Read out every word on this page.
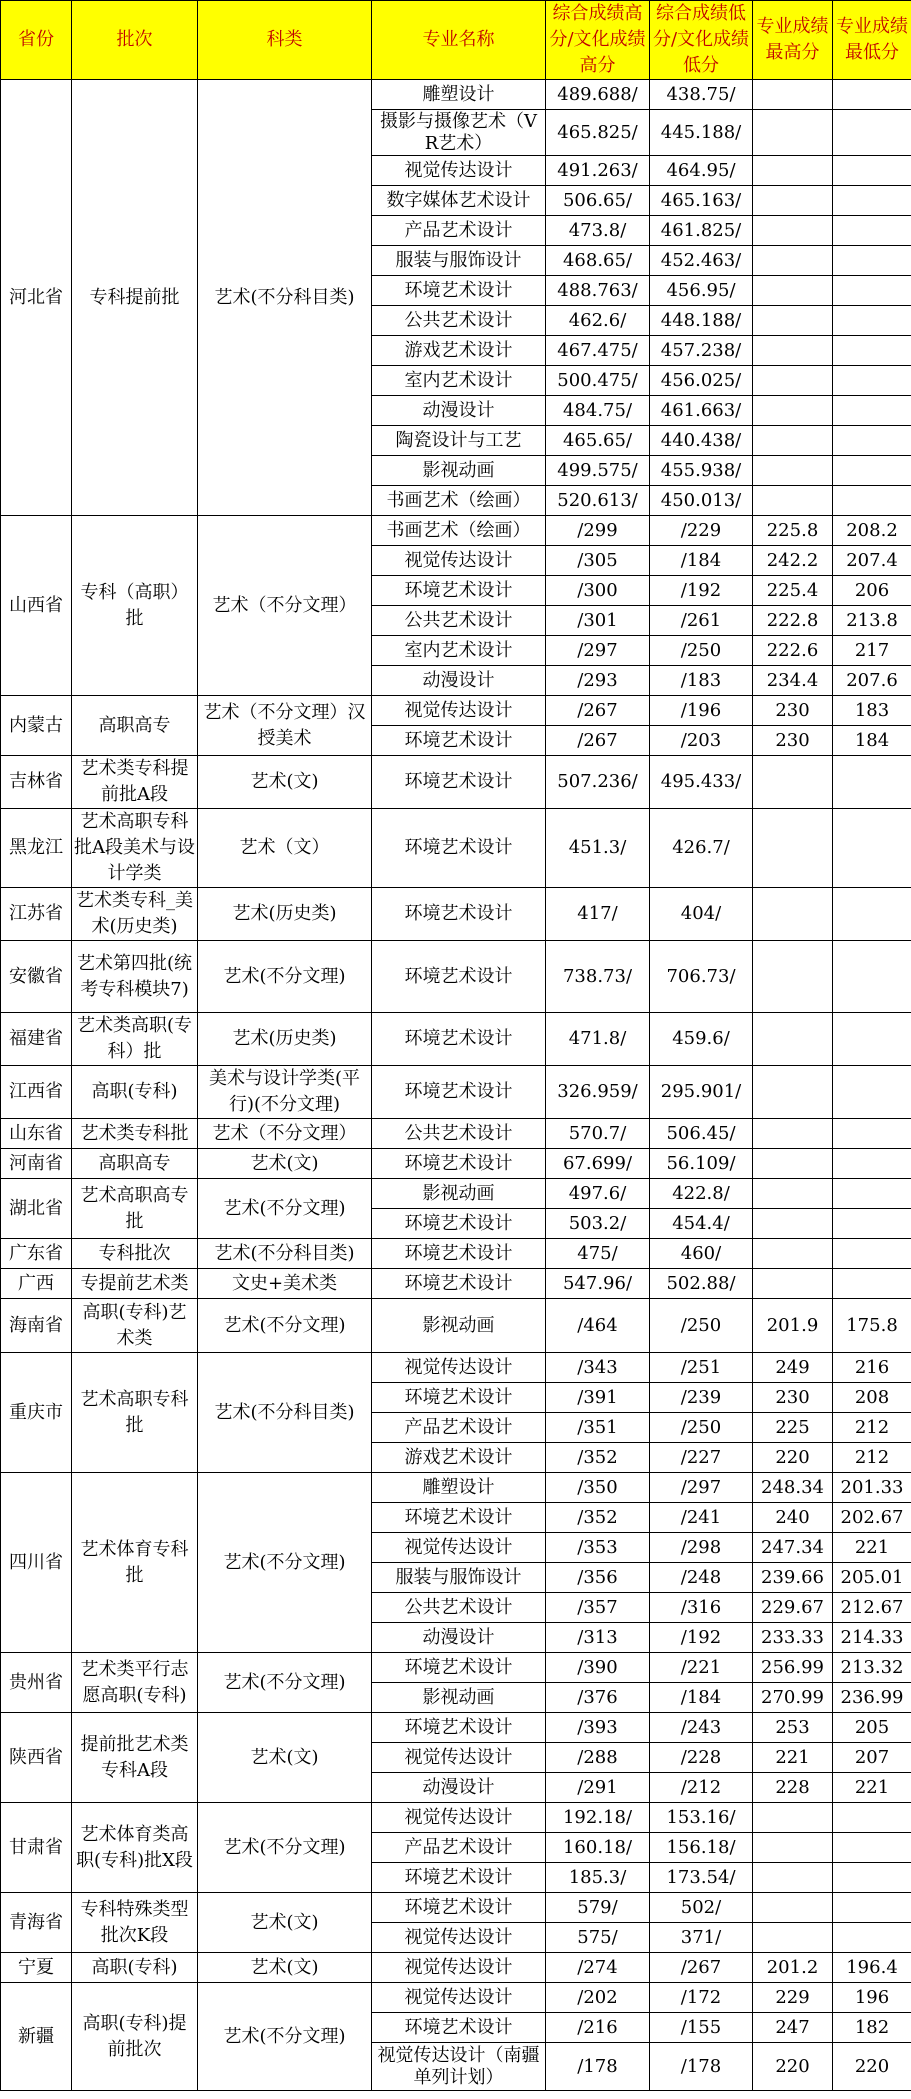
省份	批次	科类	专业名称	综合成绩高分/文化成绩高分	综合成绩低分/文化成绩低分	专业成绩最高分	专业成绩最低分
河北省	专科提前批	艺术(不分科目类)	雕塑设计	489.688/	438.75/		
			摄影与摄像艺术（VR艺术）	465.825/	445.188/		
			视觉传达设计	491.263/	464.95/		
			数字媒体艺术设计	506.65/	465.163/		
			产品艺术设计	473.8/	461.825/		
			服装与服饰设计	468.65/	452.463/		
			环境艺术设计	488.763/	456.95/		
			公共艺术设计	462.6/	448.188/		
			游戏艺术设计	467.475/	457.238/		
			室内艺术设计	500.475/	456.025/		
			动漫设计	484.75/	461.663/		
			陶瓷设计与工艺	465.65/	440.438/		
			影视动画	499.575/	455.938/		
			书画艺术（绘画）	520.613/	450.013/		
山西省	专科（高职）批	艺术（不分文理）	书画艺术（绘画）	/299	/229	225.8	208.2
			视觉传达设计	/305	/184	242.2	207.4
			环境艺术设计	/300	/192	225.4	206
			公共艺术设计	/301	/261	222.8	213.8
			室内艺术设计	/297	/250	222.6	217
			动漫设计	/293	/183	234.4	207.6
内蒙古	高职高专	艺术（不分文理）汉授美术	视觉传达设计	/267	/196	230	183
			环境艺术设计	/267	/203	230	184
吉林省	艺术类专科提前批A段	艺术(文)	环境艺术设计	507.236/	495.433/		
黑龙江	艺术高职专科批A段美术与设计学类	艺术（文）	环境艺术设计	451.3/	426.7/		
江苏省	艺术类专科_美术(历史类)	艺术(历史类)	环境艺术设计	417/	404/		
安徽省	艺术第四批(统考专科模块7)	艺术(不分文理)	环境艺术设计	738.73/	706.73/		
福建省	艺术类高职(专科）批	艺术(历史类)	环境艺术设计	471.8/	459.6/		
江西省	高职(专科)	美术与设计学类(平行)(不分文理)	环境艺术设计	326.959/	295.901/		
山东省	艺术类专科批	艺术（不分文理）	公共艺术设计	570.7/	506.45/		
河南省	高职高专	艺术(文)	环境艺术设计	67.699/	56.109/		
湖北省	艺术高职高专批	艺术(不分文理)	影视动画	497.6/	422.8/		
			环境艺术设计	503.2/	454.4/		
广东省	专科批次	艺术(不分科目类)	环境艺术设计	475/	460/		
广西	专提前艺术类	文史+美术类	环境艺术设计	547.96/	502.88/		
海南省	高职(专科)艺术类	艺术(不分文理)	影视动画	/464	/250	201.9	175.8
重庆市	艺术高职专科批	艺术(不分科目类)	视觉传达设计	/343	/251	249	216
			环境艺术设计	/391	/239	230	208
			产品艺术设计	/351	/250	225	212
			游戏艺术设计	/352	/227	220	212
四川省	艺术体育专科批	艺术(不分文理)	雕塑设计	/350	/297	248.34	201.33
			环境艺术设计	/352	/241	240	202.67
			视觉传达设计	/353	/298	247.34	221
			服装与服饰设计	/356	/248	239.66	205.01
			公共艺术设计	/357	/316	229.67	212.67
			动漫设计	/313	/192	233.33	214.33
贵州省	艺术类平行志愿高职(专科)	艺术(不分文理)	环境艺术设计	/390	/221	256.99	213.32
			影视动画	/376	/184	270.99	236.99
陕西省	提前批艺术类专科A段	艺术(文)	环境艺术设计	/393	/243	253	205
			视觉传达设计	/288	/228	221	207
			动漫设计	/291	/212	228	221
甘肃省	艺术体育类高职(专科)批X段	艺术(不分文理)	视觉传达设计	192.18/	153.16/		
			产品艺术设计	160.18/	156.18/		
			环境艺术设计	185.3/	173.54/		
青海省	专科特殊类型批次K段	艺术(文)	环境艺术设计	579/	502/		
			视觉传达设计	575/	371/		
宁夏	高职(专科)	艺术(文)	视觉传达设计	/274	/267	201.2	196.4
新疆	高职(专科)提前批次	艺术(不分文理)	视觉传达设计	/202	/172	229	196
			环境艺术设计	/216	/155	247	182
			视觉传达设计（南疆单列计划）	/178	/178	220	220
